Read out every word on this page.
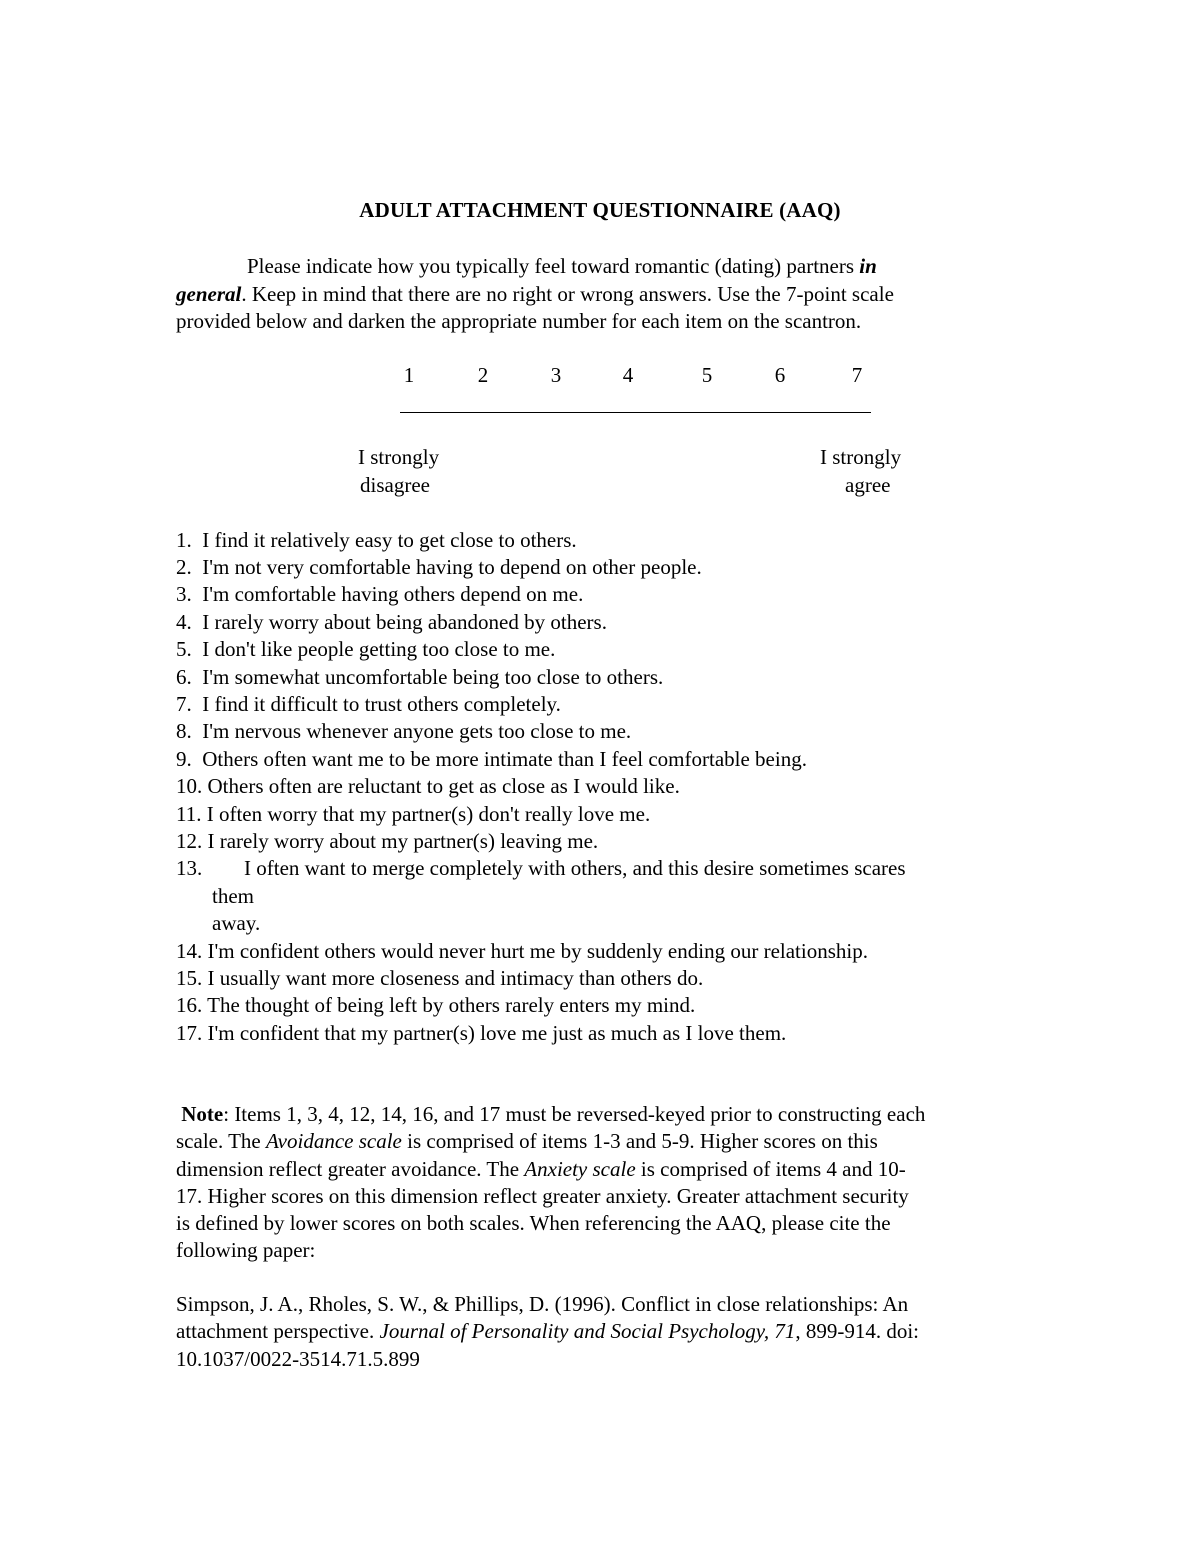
ADULT ATTACHMENT QUESTIONNAIRE (AAQ)
Please indicate how you typically feel toward romantic (dating) partners in
general. Keep in mind that there are no right or wrong answers. Use the 7-point scale
provided below and darken the appropriate number for each item on the scantron.
1	2	3	4	5	6	7
I strongly
disagree
I strongly
agree
1. I find it relatively easy to get close to others.
2. I'm not very comfortable having to depend on other people.
3. I'm comfortable having others depend on me.
4. I rarely worry about being abandoned by others.
5. I don't like people getting too close to me.
6. I'm somewhat uncomfortable being too close to others.
7. I find it difficult to trust others completely.
8. I'm nervous whenever anyone gets too close to me.
9. Others often want me to be more intimate than I feel comfortable being.
10. Others often are reluctant to get as close as I would like.
11. I often worry that my partner(s) don't really love me.
12. I rarely worry about my partner(s) leaving me.
13. I often want to merge completely with others, and this desire sometimes scares
them
away.
14. I'm confident others would never hurt me by suddenly ending our relationship.
15. I usually want more closeness and intimacy than others do.
16. The thought of being left by others rarely enters my mind.
17. I'm confident that my partner(s) love me just as much as I love them.
Note: Items 1, 3, 4, 12, 14, 16, and 17 must be reversed-keyed prior to constructing each
scale. The Avoidance scale is comprised of items 1-3 and 5-9. Higher scores on this
dimension reflect greater avoidance. The Anxiety scale is comprised of items 4 and 10-
17. Higher scores on this dimension reflect greater anxiety. Greater attachment security
is defined by lower scores on both scales. When referencing the AAQ, please cite the
following paper:
Simpson, J. A., Rholes, S. W., & Phillips, D. (1996). Conflict in close relationships: An
attachment perspective. Journal of Personality and Social Psychology, 71, 899-914. doi:
10.1037/0022-3514.71.5.899
